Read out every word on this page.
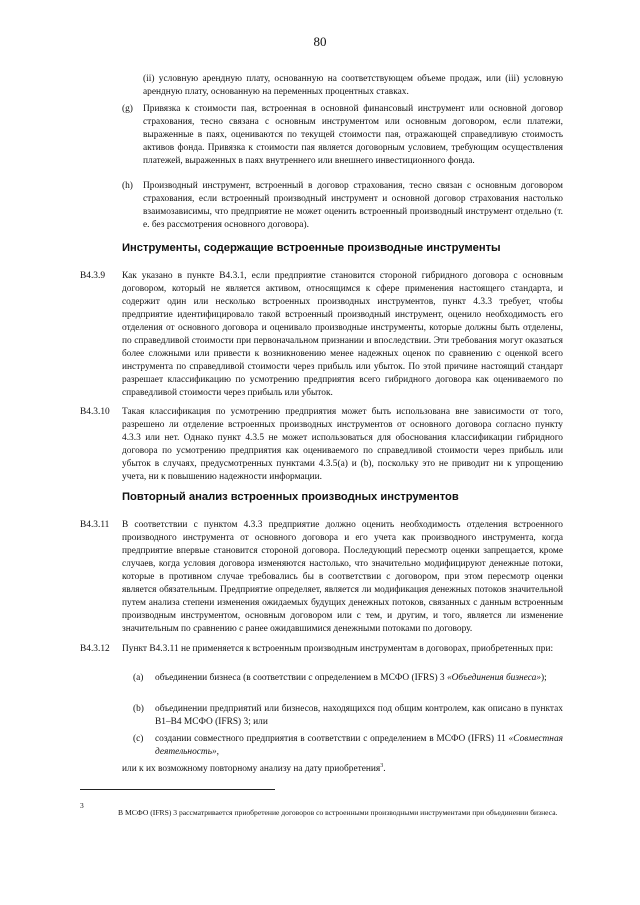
80
(ii) условную арендную плату, основанную на соответствующем объеме продаж, или (iii) условную арендную плату, основанную на переменных процентных ставках.
(g) Привязка к стоимости пая, встроенная в основной финансовый инструмент или основной договор страхования, тесно связана с основным инструментом или основным договором, если платежи, выраженные в паях, оцениваются по текущей стоимости пая, отражающей справедливую стоимость активов фонда. Привязка к стоимости пая является договорным условием, требующим осуществления платежей, выраженных в паях внутреннего или внешнего инвестиционного фонда.
(h) Производный инструмент, встроенный в договор страхования, тесно связан с основным договором страхования, если встроенный производный инструмент и основной договор страхования настолько взаимозависимы, что предприятие не может оценить встроенный производный инструмент отдельно (т. е. без рассмотрения основного договора).
Инструменты, содержащие встроенные производные инструменты
B4.3.9 Как указано в пункте B4.3.1, если предприятие становится стороной гибридного договора с основным договором, который не является активом, относящимся к сфере применения настоящего стандарта, и содержит один или несколько встроенных производных инструментов, пункт 4.3.3 требует, чтобы предприятие идентифицировало такой встроенный производный инструмент, оценило необходимость его отделения от основного договора и оценивало производные инструменты, которые должны быть отделены, по справедливой стоимости при первоначальном признании и впоследствии. Эти требования могут оказаться более сложными или привести к возникновению менее надежных оценок по сравнению с оценкой всего инструмента по справедливой стоимости через прибыль или убыток. По этой причине настоящий стандарт разрешает классификацию по усмотрению предприятия всего гибридного договора как оцениваемого по справедливой стоимости через прибыль или убыток.
B4.3.10 Такая классификация по усмотрению предприятия может быть использована вне зависимости от того, разрешено ли отделение встроенных производных инструментов от основного договора согласно пункту 4.3.3 или нет. Однако пункт 4.3.5 не может использоваться для обоснования классификации гибридного договора по усмотрению предприятия как оцениваемого по справедливой стоимости через прибыль или убыток в случаях, предусмотренных пунктами 4.3.5(a) и (b), поскольку это не приводит ни к упрощению учета, ни к повышению надежности информации.
Повторный анализ встроенных производных инструментов
B4.3.11 В соответствии с пунктом 4.3.3 предприятие должно оценить необходимость отделения встроенного производного инструмента от основного договора и его учета как производного инструмента, когда предприятие впервые становится стороной договора. Последующий пересмотр оценки запрещается, кроме случаев, когда условия договора изменяются настолько, что значительно модифицируют денежные потоки, которые в противном случае требовались бы в соответствии с договором, при этом пересмотр оценки является обязательным. Предприятие определяет, является ли модификация денежных потоков значительной путем анализа степени изменения ожидаемых будущих денежных потоков, связанных с данным встроенным производным инструментом, основным договором или с тем, и другим, и того, является ли изменение значительным по сравнению с ранее ожидавшимися денежными потоками по договору.
B4.3.12 Пункт B4.3.11 не применяется к встроенным производным инструментам в договорах, приобретенных при:
(a) объединении бизнеса (в соответствии с определением в МСФО (IFRS) 3 «Объединения бизнеса»);
(b) объединении предприятий или бизнесов, находящихся под общим контролем, как описано в пунктах B1–B4 МСФО (IFRS) 3; или
(c) создании совместного предприятия в соответствии с определением в МСФО (IFRS) 11 «Совместная деятельность»,
или к их возможному повторному анализу на дату приобретения$^3$.
3
В МСФО (IFRS) 3 рассматривается приобретение договоров со встроенными производными инструментами при объединении бизнеса.
